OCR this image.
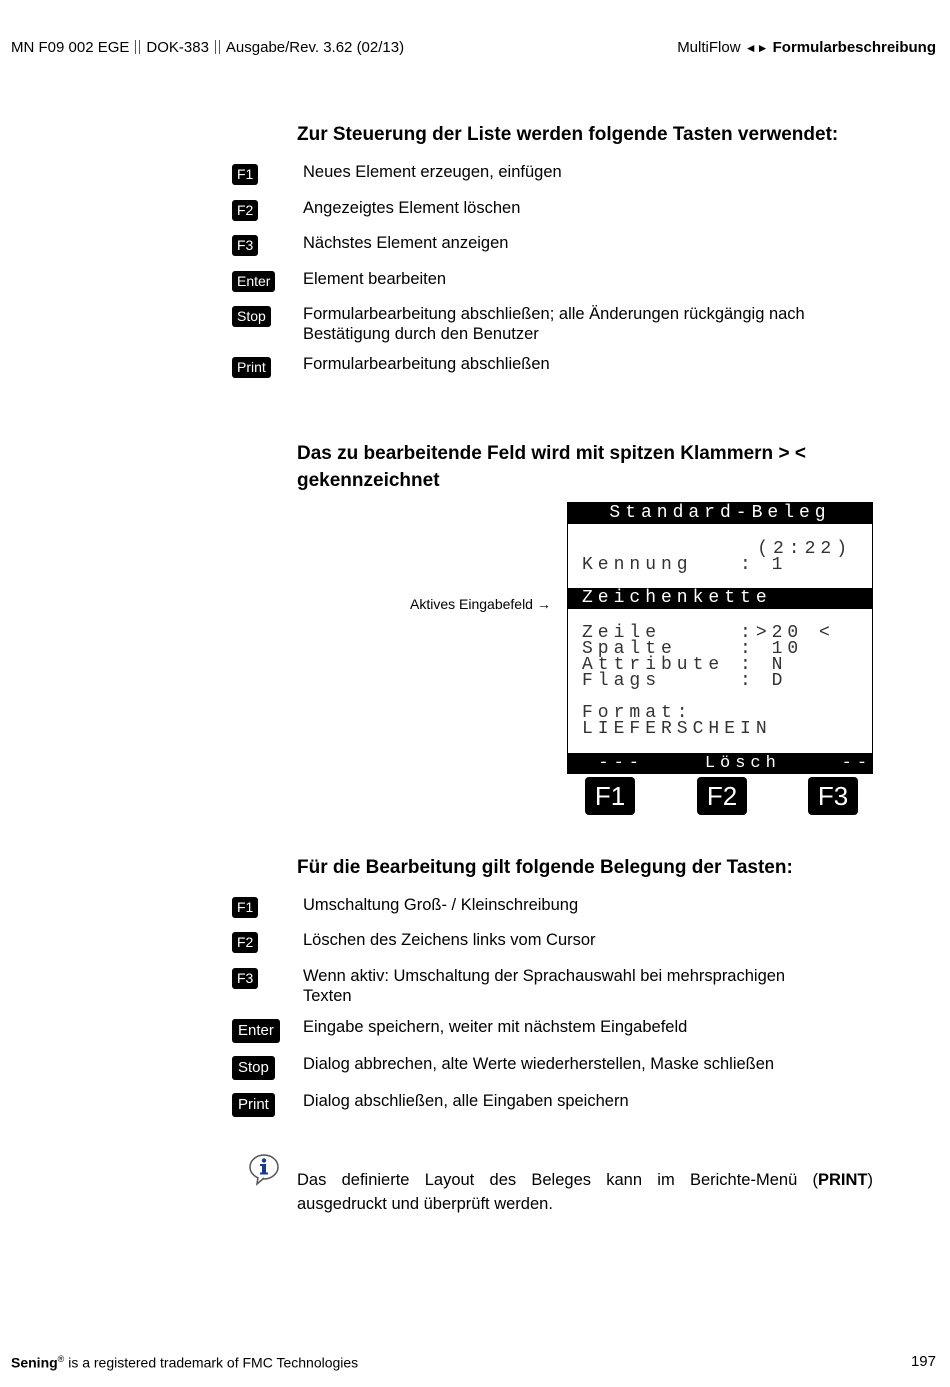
MN F09 002 EGE DOK-383 Ausgabe/Rev. 3.62 (02/13)	MultiFlow ◄► Formularbeschreibung
Zur Steuerung der Liste werden folgende Tasten verwendet:
F1	Neues Element erzeugen, einfügen
F2	Angezeigtes Element löschen
F3	Nächstes Element anzeigen
Enter	Element bearbeiten
Stop	Formularbearbeitung abschließen; alle Änderungen rückgängig nach Bestätigung durch den Benutzer
Print	Formularbearbeitung abschließen
Das zu bearbeitende Feld wird mit spitzen Klammern > < gekennzeichnet
Aktives Eingabefeld →
Standard-Beleg
(2:22)
Kennung   : 1
Zeichenkette
Zeile     :>20 <
Spalte    : 10
Attribute : N
Flags     : D
Format:
LIEFERSCHEIN
---    Lösch    ---
F1	F2	F3
Für die Bearbeitung gilt folgende Belegung der Tasten:
F1	Umschaltung Groß- / Kleinschreibung
F2	Löschen des Zeichens links vom Cursor
F3	Wenn aktiv: Umschaltung der Sprachauswahl bei mehrsprachigen Texten
Enter	Eingabe speichern, weiter mit nächstem Eingabefeld
Stop	Dialog abbrechen, alte Werte wiederherstellen, Maske schließen
Print	Dialog abschließen, alle Eingaben speichern
Das definierte Layout des Beleges kann im Berichte-Menü (PRINT)
ausgedruckt und überprüft werden.
Sening® is a registered trademark of FMC Technologies	197
